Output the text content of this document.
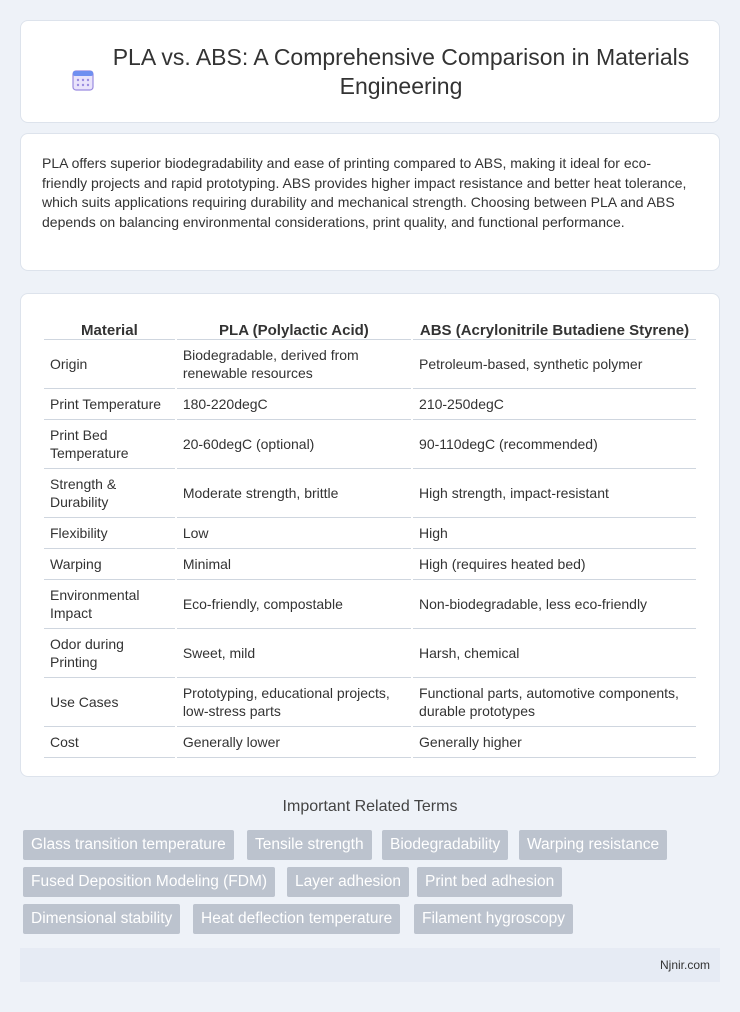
PLA vs. ABS: A Comprehensive Comparison in Materials Engineering

PLA offers superior biodegradability and ease of printing compared to ABS, making it ideal for eco-friendly projects and rapid prototyping. ABS provides higher impact resistance and better heat tolerance, which suits applications requiring durability and mechanical strength. Choosing between PLA and ABS depends on balancing environmental considerations, print quality, and functional performance.

Material	PLA (Polylactic Acid)	ABS (Acrylonitrile Butadiene Styrene)
Origin	Biodegradable, derived from renewable resources	Petroleum-based, synthetic polymer
Print Temperature	180-220degC	210-250degC
Print Bed Temperature	20-60degC (optional)	90-110degC (recommended)
Strength & Durability	Moderate strength, brittle	High strength, impact-resistant
Flexibility	Low	High
Warping	Minimal	High (requires heated bed)
Environmental Impact	Eco-friendly, compostable	Non-biodegradable, less eco-friendly
Odor during Printing	Sweet, mild	Harsh, chemical
Use Cases	Prototyping, educational projects, low-stress parts	Functional parts, automotive components, durable prototypes
Cost	Generally lower	Generally higher
Important Related Terms
Glass transition temperature	Tensile strength	Biodegradability	Warping resistance
Fused Deposition Modeling (FDM)	Layer adhesion	Print bed adhesion
Dimensional stability	Heat deflection temperature	Filament hygroscopy
Njnir.com
